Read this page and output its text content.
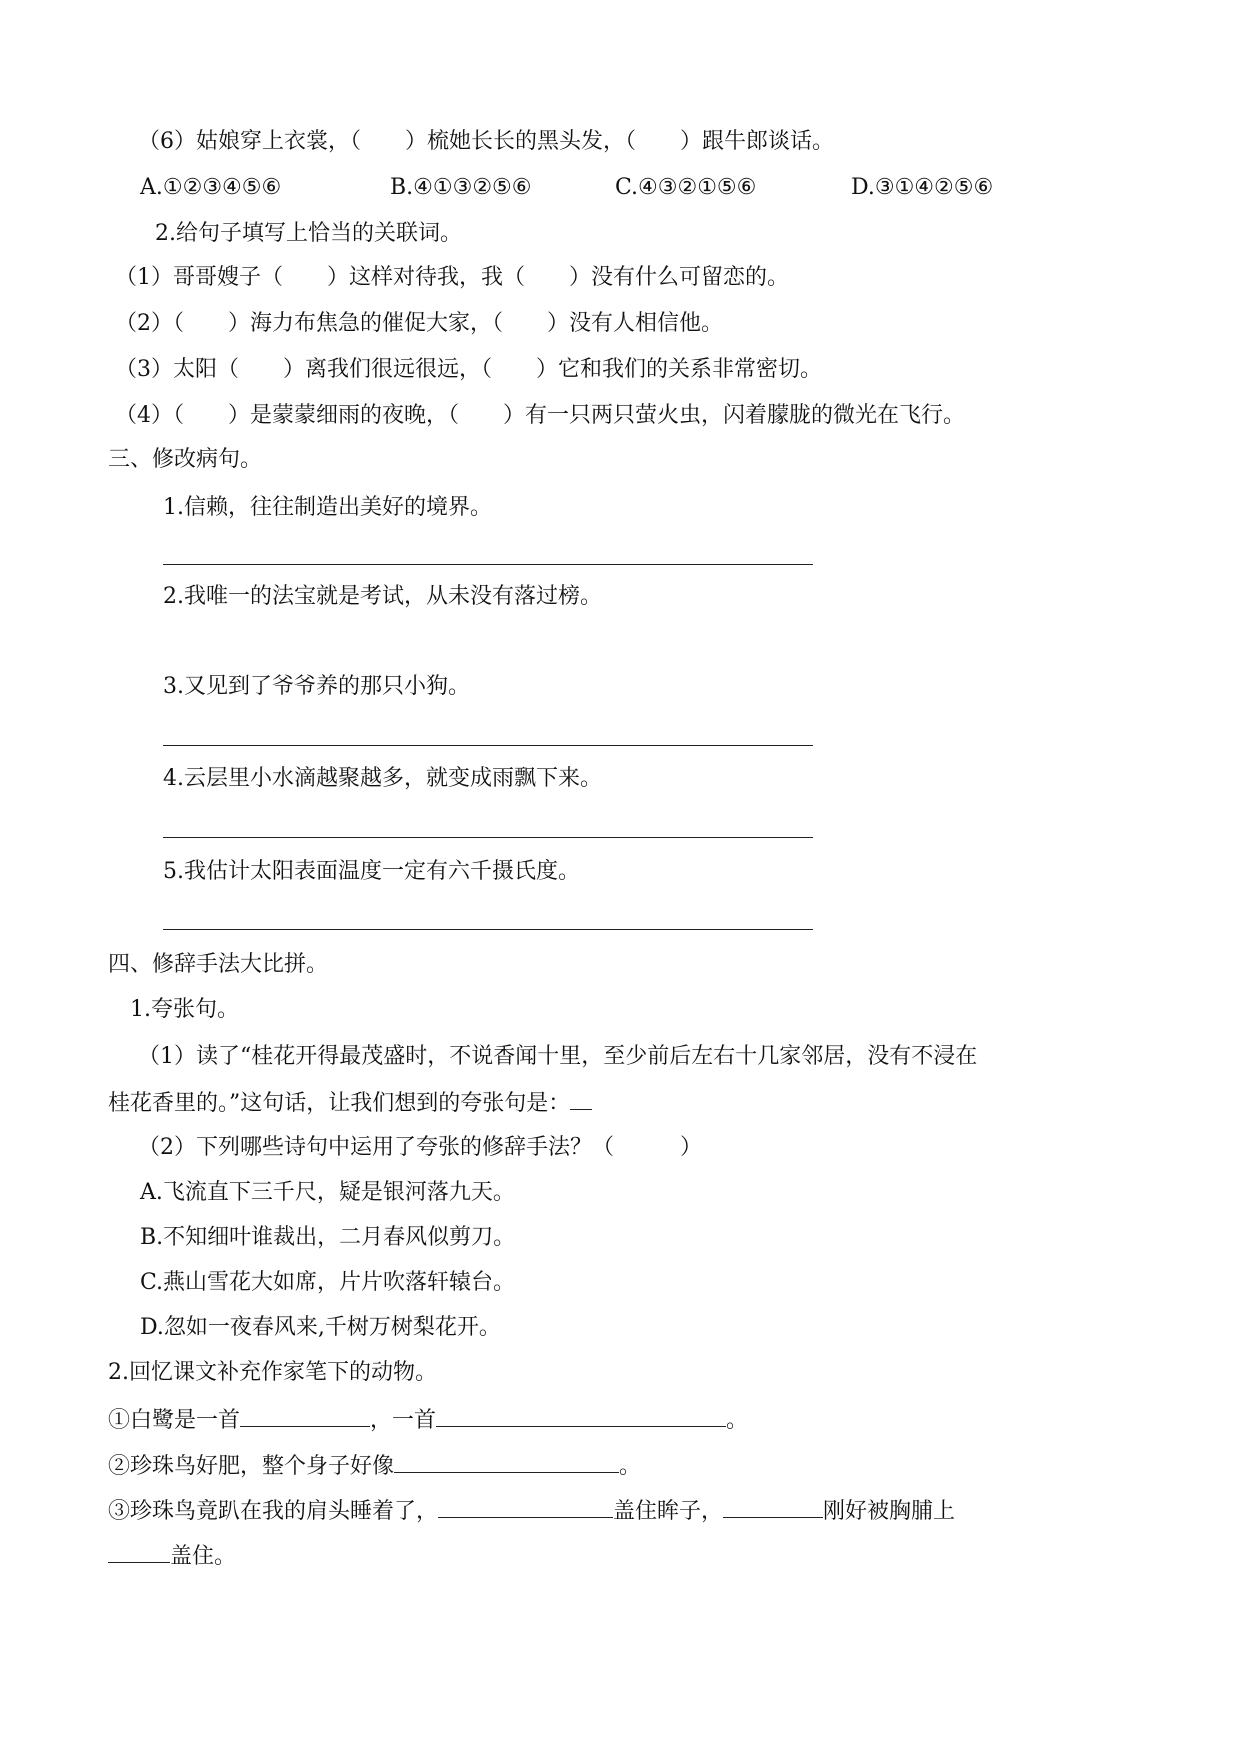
（6）姑娘穿上衣裳，（　　）梳她长长的黑头发，（　　）跟牛郎谈话。
A.①②③④⑤⑥	B.④①③②⑤⑥	C.④③②①⑤⑥	D.③①④②⑤⑥
2.给句子填写上恰当的关联词。
（1）哥哥嫂子（　　）这样对待我，我（　　）没有什么可留恋的。
（2）（　　）海力布焦急的催促大家，（　　）没有人相信他。
（3）太阳（　　）离我们很远很远，（　　）它和我们的关系非常密切。
（4）（　　）是蒙蒙细雨的夜晚，（　　）有一只两只萤火虫，闪着朦胧的微光在飞行。
三、修改病句。
1.信赖，往往制造出美好的境界。
2.我唯一的法宝就是考试，从未没有落过榜。
3.又见到了爷爷养的那只小狗。
4.云层里小水滴越聚越多，就变成雨飘下来。
5.我估计太阳表面温度一定有六千摄氏度。
四、修辞手法大比拼。
1.夸张句。
（1）读了“桂花开得最茂盛时，不说香闻十里，至少前后左右十几家邻居，没有不浸在
桂花香里的。”这句话，让我们想到的夸张句是：
（2）下列哪些诗句中运用了夸张的修辞手法？（　　　）
A.飞流直下三千尺，疑是银河落九天。
B.不知细叶谁裁出，二月春风似剪刀。
C.燕山雪花大如席，片片吹落轩辕台。
D.忽如一夜春风来,千树万树梨花开。
2.回忆课文补充作家笔下的动物。
①白鹭是一首	，一首	。
②珍珠鸟好肥，整个身子好像	。
③珍珠鸟竟趴在我的肩头睡着了，	盖住眸子，	刚好被胸脯上
盖住。
